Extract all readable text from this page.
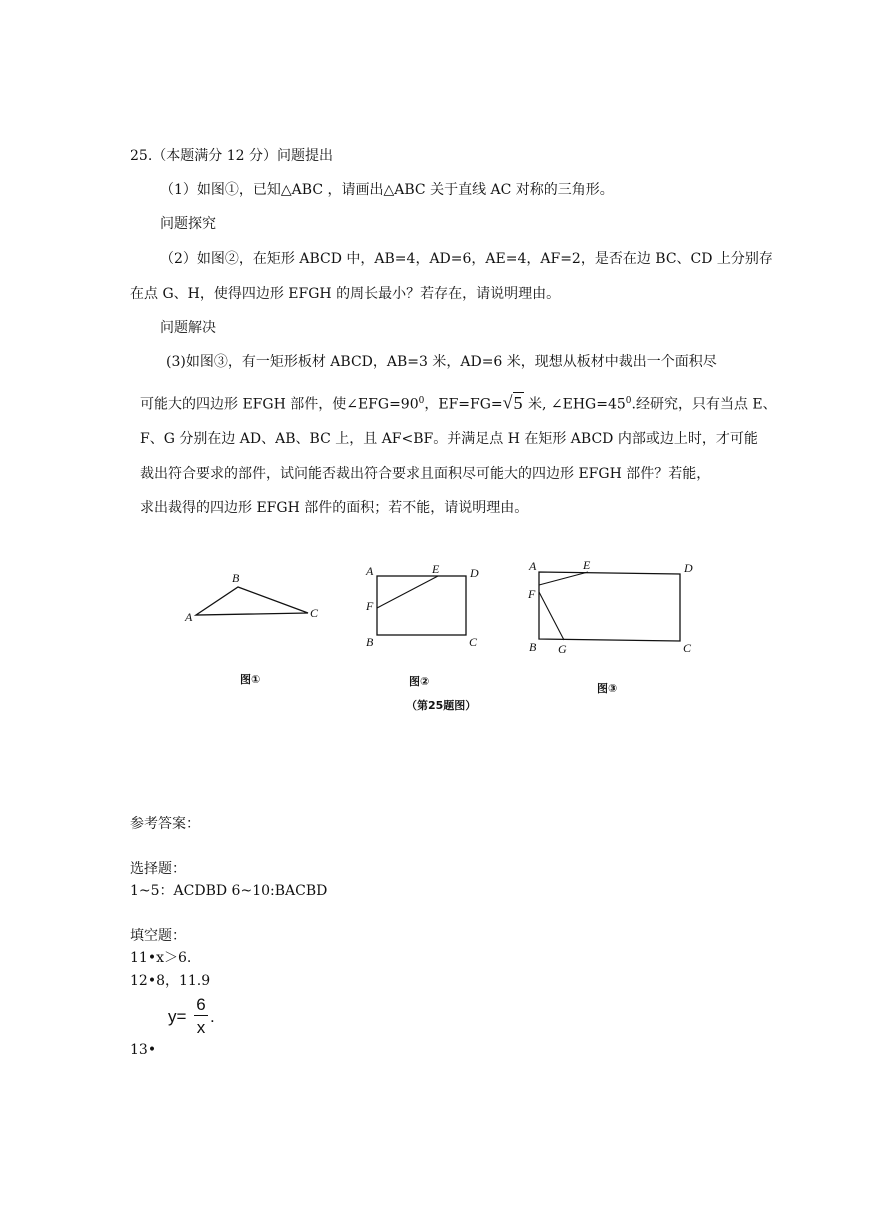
25.（本题满分 12 分）问题提出
（1）如图①，已知△ABC ，请画出△ABC 关于直线 AC 对称的三角形。
问题探究
（2）如图②，在矩形 ABCD 中，AB=4，AD=6，AE=4，AF=2，是否在边 BC、CD 上分别存
在点 G、H，使得四边形 EFGH 的周长最小？若存在，请说明理由。
问题解决
(3)如图③，有一矩形板材 ABCD，AB=3 米，AD=6 米，现想从板材中裁出一个面积尽
可能大的四边形 EFGH 部件，使$\angle EFG=90^0$，EF=FG=√5 米, $\angle EHG=45^0$.经研究，只有当点 E、
F、G 分别在边 AD、AB、BC 上，且 AF<BF。并满足点 H 在矩形 ABCD 内部或边上时，才可能
裁出符合要求的部件，试问能否裁出符合要求且面积尽可能大的四边形 EFGH 部件？若能，
求出裁得的四边形 EFGH 部件的面积；若不能，请说明理由。
B
A	C
图①
A	E	D
F
B	C
图②
A	E	D
F
B G	C
图③
（第25题图）
参考答案：
选择题：
1~5：ACDBD 6~10:BACBD
填空题：
11•x＞6.
12•8，11.9
y=
6
x
.
13•
